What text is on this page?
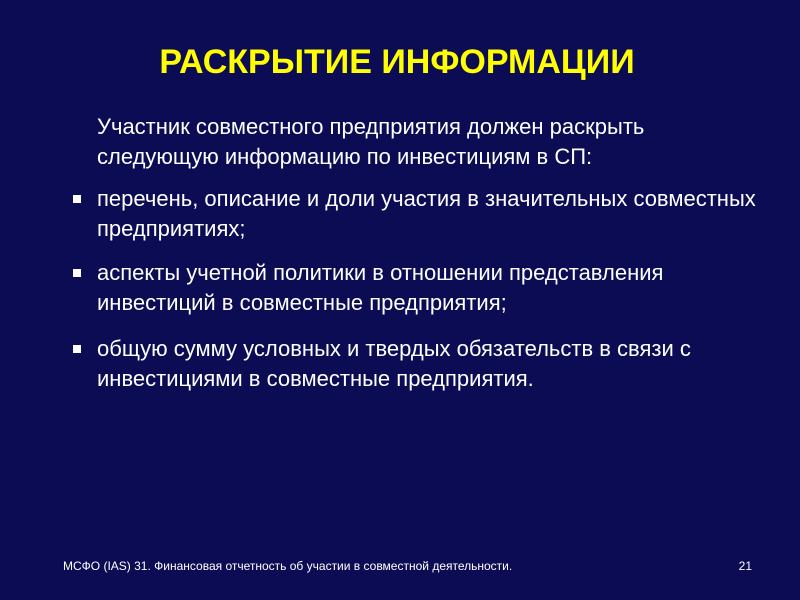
РАСКРЫТИЕ ИНФОРМАЦИИ

Участник совместного предприятия должен раскрыть следующую информацию по инвестициям в СП:

перечень, описание и доли участия в значительных совместных предприятиях;
аспекты учетной политики в отношении представления инвестиций в совместные предприятия;
общую сумму условных и твердых обязательств в связи с инвестициями в совместные предприятия.
МСФО (IAS) 31. Финансовая отчетность об участии в совместной деятельности.	21
